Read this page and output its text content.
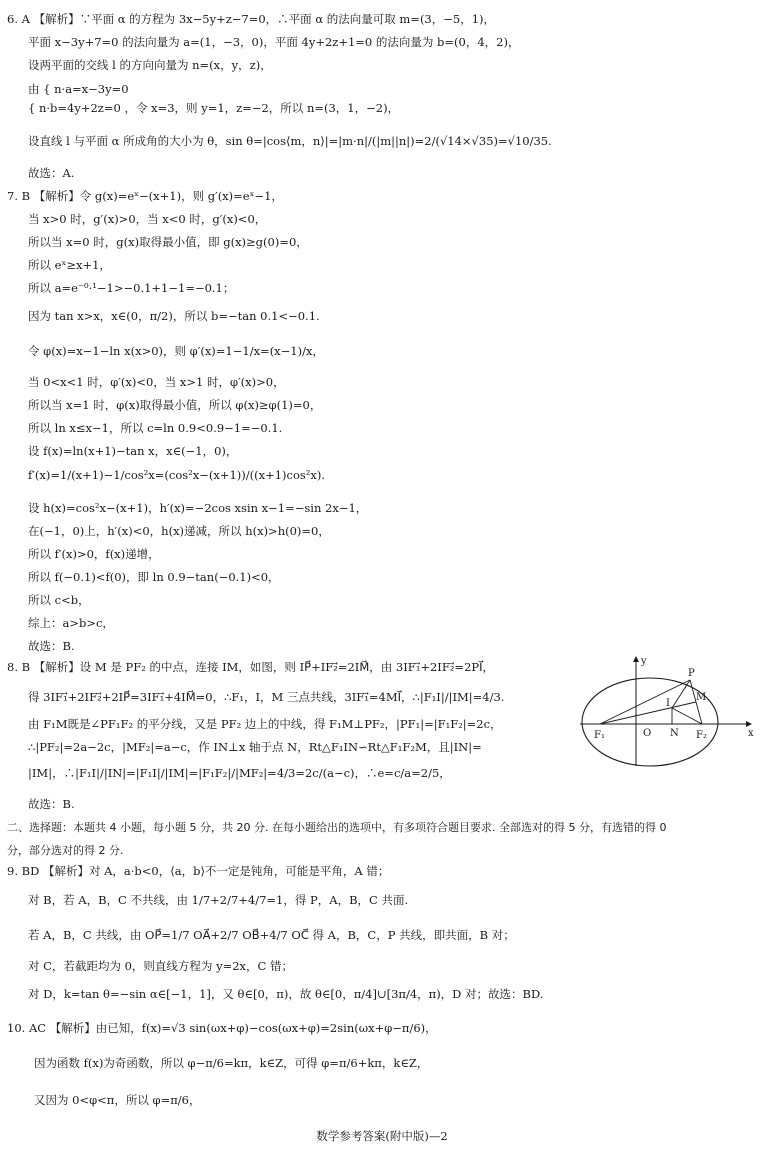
6. A 【解析】∵平面 α 的方程为 3x−5y+z−7=0，∴平面 α 的法向量可取 m=(3，−5，1)，
平面 x−3y+7=0 的法向量为 a=(1，−3，0)，平面 4y+2z+1=0 的法向量为 b=(0，4，2)，
设两平面的交线 l 的方向向量为 n=(x，y，z)，
由 { n·a=x−3y=0
{ n·b=4y+2z=0 ，令 x=3，则 y=1，z=−2，所以 n=(3，1，−2)，
设直线 l 与平面 α 所成角的大小为 θ，sin θ=|cos⟨m，n⟩|=|m·n|/(|m||n|)=2/(√14×√35)=√10/35.
故选：A.
7. B 【解析】令 g(x)=eˣ−(x+1)，则 g′(x)=eˣ−1，
当 x>0 时，g′(x)>0，当 x<0 时，g′(x)<0，
所以当 x=0 时，g(x)取得最小值，即 g(x)≥g(0)=0，
所以 eˣ≥x+1，
所以 a=e⁻⁰·¹−1>−0.1+1−1=−0.1；
因为 tan x>x，x∈(0，π/2)，所以 b=−tan 0.1<−0.1.
令 φ(x)=x−1−ln x(x>0)，则 φ′(x)=1−1/x=(x−1)/x，
当 0<x<1 时，φ′(x)<0，当 x>1 时，φ′(x)>0，
所以当 x=1 时，φ(x)取得最小值，所以 φ(x)≥φ(1)=0，
所以 ln x≤x−1，所以 c=ln 0.9<0.9−1=−0.1.
设 f(x)=ln(x+1)−tan x，x∈(−1，0)，
f′(x)=1/(x+1)−1/cos²x=(cos²x−(x+1))/((x+1)cos²x).
设 h(x)=cos²x−(x+1)，h′(x)=−2cos xsin x−1=−sin 2x−1，
在(−1，0)上，h′(x)<0，h(x)递减，所以 h(x)>h(0)=0，
所以 f′(x)>0，f(x)递增，
所以 f(−0.1)<f(0)，即 ln 0.9−tan(−0.1)<0，
所以 c<b，
综上：a>b>c，
故选：B.
8. B 【解析】设 M 是 PF₂ 的中点，连接 IM，如图，则 IP⃗+IF₂⃗=2IM⃗，由 3IF₁⃗+2IF₂⃗=2PI⃗，
得 3IF₁⃗+2IF₂⃗+2IP⃗=3IF₁⃗+4IM⃗=0，∴F₁，I，M 三点共线，3IF₁⃗=4MI⃗，∴|F₁I|/|IM|=4/3.
由 F₁M既是∠PF₁F₂ 的平分线，又是 PF₂ 边上的中线，得 F₁M⊥PF₂，|PF₁|=|F₁F₂|=2c，
∴|PF₂|=2a−2c，|MF₂|=a−c，作 IN⊥x 轴于点 N，Rt△F₁IN∽Rt△F₁F₂M，且|IN|=
|IM|，∴|F₁I|/|IN|=|F₁I|/|IM|=|F₁F₂|/|MF₂|=4/3=2c/(a−c)，∴e=c/a=2/5，
故选：B.
二、选择题：本题共 4 小题，每小题 5 分，共 20 分. 在每小题给出的选项中，有多项符合题目要求. 全部选对的得 5 分，有选错的得 0
分，部分选对的得 2 分.
9. BD 【解析】对 A，a·b<0，⟨a，b⟩不一定是钝角，可能是平角，A 错；
对 B，若 A，B，C 不共线，由 1/7+2/7+4/7=1，得 P，A，B，C 共面.
若 A，B，C 共线，由 OP⃗=1/7 OA⃗+2/7 OB⃗+4/7 OC⃗ 得 A，B，C，P 共线，即共面，B 对；
对 C，若截距均为 0，则直线方程为 y=2x，C 错；
对 D，k=tan θ=−sin α∈[−1，1]，又 θ∈[0，π)，故 θ∈[0，π/4]∪[3π/4，π)，D 对；故选：BD.
10. AC 【解析】由已知，f(x)=√3 sin(ωx+φ)−cos(ωx+φ)=2sin(ωx+φ−π/6)，
因为函数 f(x)为奇函数，所以 φ−π/6=kπ，k∈Z，可得 φ=π/6+kπ，k∈Z，
又因为 0<φ<π，所以 φ=π/6，
y
x
P
I
M
O N
F₁	F₂
数学参考答案(附中版)—2
